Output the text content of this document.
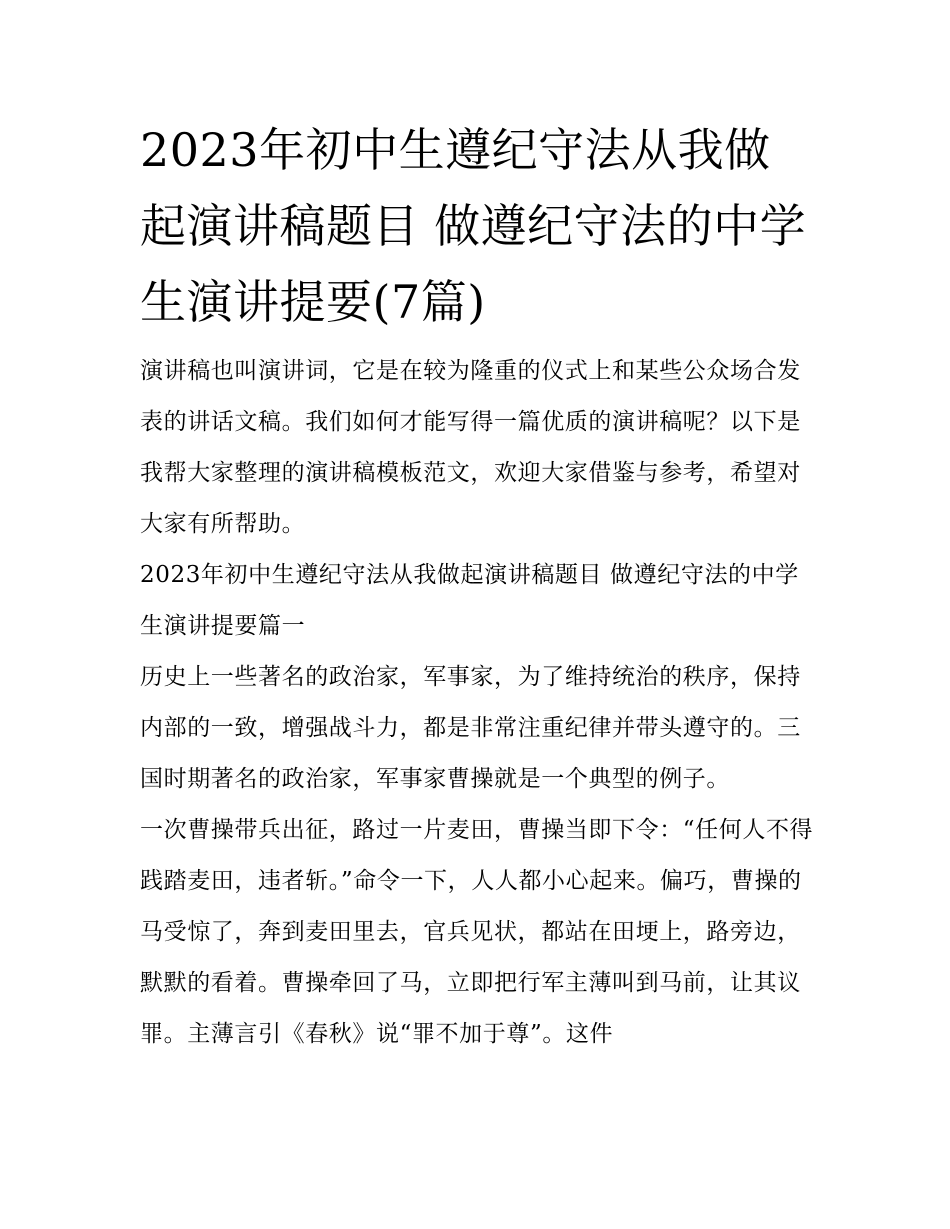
2023年初中生遵纪守法从我做起演讲稿题目 做遵纪守法的中学生演讲提要(7篇)

演讲稿也叫演讲词，它是在较为隆重的仪式上和某些公众场合发表的讲话文稿。我们如何才能写得一篇优质的演讲稿呢？以下是我帮大家整理的演讲稿模板范文，欢迎大家借鉴与参考，希望对大家有所帮助。

2023年初中生遵纪守法从我做起演讲稿题目 做遵纪守法的中学生演讲提要篇一

历史上一些著名的政治家，军事家，为了维持统治的秩序，保持内部的一致，增强战斗力，都是非常注重纪律并带头遵守的。三国时期著名的政治家，军事家曹操就是一个典型的例子。

一次曹操带兵出征，路过一片麦田，曹操当即下令：“任何人不得践踏麦田，违者斩。”命令一下，人人都小心起来。偏巧，曹操的马受惊了，奔到麦田里去，官兵见状，都站在田埂上，路旁边，默默的看着。曹操牵回了马，立即把行军主薄叫到马前，让其议罪。主薄言引《春秋》说“罪不加于尊”。这件
